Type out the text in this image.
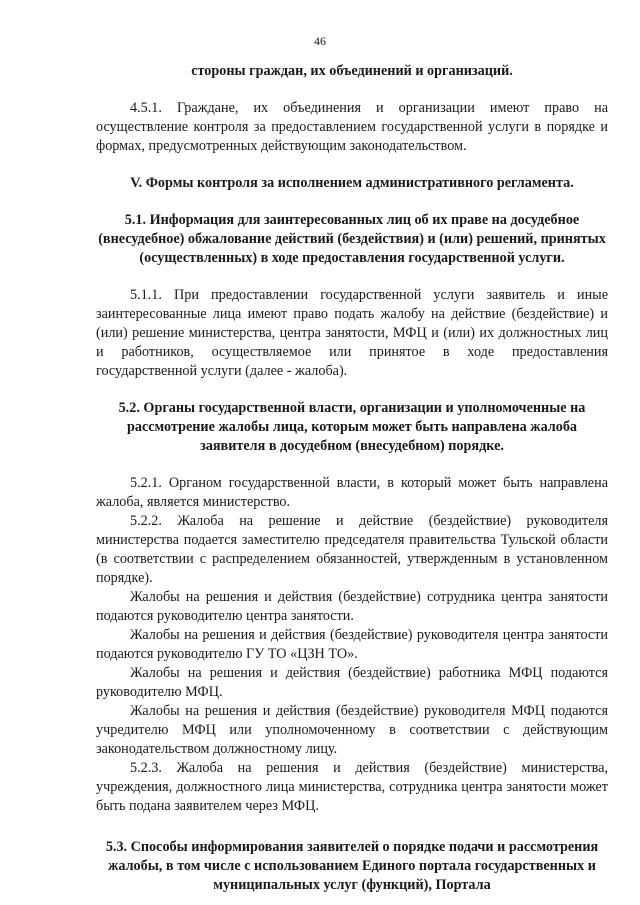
46

стороны граждан, их объединений и организаций.

4.5.1. Граждане, их объединения и организации имеют право на осуществление контроля за предоставлением государственной услуги в порядке и формах, предусмотренных действующим законодательством.

V. Формы контроля за исполнением административного регламента.

5.1. Информация для заинтересованных лиц об их праве на досудебное (внесудебное) обжалование действий (бездействия) и (или) решений, принятых (осуществленных) в ходе предоставления государственной услуги.

5.1.1. При предоставлении государственной услуги заявитель и иные заинтересованные лица имеют право подать жалобу на действие (бездействие) и (или) решение министерства, центра занятости, МФЦ и (или) их должностных лиц и работников, осуществляемое или принятое в ходе предоставления государственной услуги (далее - жалоба).

5.2. Органы государственной власти, организации и уполномоченные на рассмотрение жалобы лица, которым может быть направлена жалоба заявителя в досудебном (внесудебном) порядке.

5.2.1. Органом государственной власти, в который может быть направлена жалоба, является министерство.

5.2.2. Жалоба на решение и действие (бездействие) руководителя министерства подается заместителю председателя правительства Тульской области (в соответствии с распределением обязанностей, утвержденным в установленном порядке).

Жалобы на решения и действия (бездействие) сотрудника центра занятости подаются руководителю центра занятости.

Жалобы на решения и действия (бездействие) руководителя центра занятости подаются руководителю ГУ ТО «ЦЗН ТО».

Жалобы на решения и действия (бездействие) работника МФЦ подаются руководителю МФЦ.

Жалобы на решения и действия (бездействие) руководителя МФЦ подаются учредителю МФЦ или уполномоченному в соответствии с действующим законодательством должностному лицу.

5.2.3. Жалоба на решения и действия (бездействие) министерства, учреждения, должностного лица министерства, сотрудника центра занятости может быть подана заявителем через МФЦ.

5.3. Способы информирования заявителей о порядке подачи и рассмотрения жалобы, в том числе с использованием Единого портала государственных и муниципальных услуг (функций), Портала
